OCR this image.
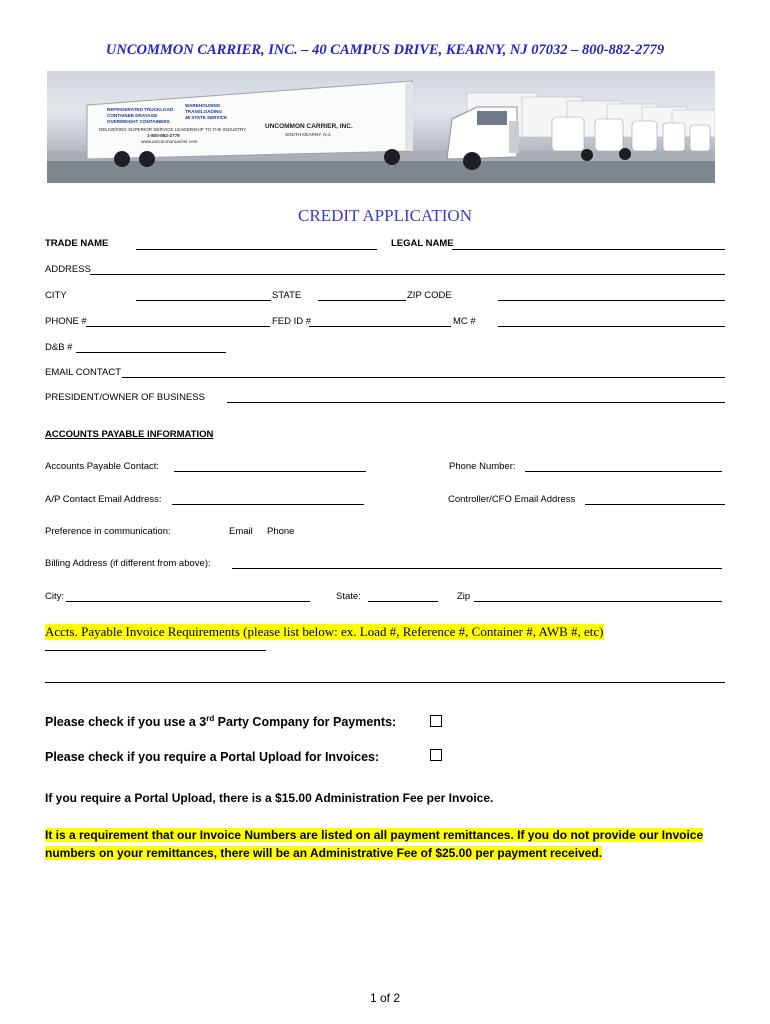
UNCOMMON CARRIER, INC. – 40 CAMPUS DRIVE, KEARNY, NJ 07032 – 800-882-2779
REFRIGERATED TRUCKLOAD
CONTAINER DRAYAGE
OVERWEIGHT CONTAINERS
WAREHOUSING
TRANSLOADING
48 STATE SERVICE
DELIVERING SUPERIOR SERVICE LEADERSHIP TO THE INDUSTRY
1-800-882-2779
www.uncommoncarrier.com
UNCOMMON CARRIER, INC.
SOUTH KEARNY, N.J.
CREDIT APPLICATION
TRADE NAME	LEGAL NAME
ADDRESS
CITY	STATE	ZIP CODE
PHONE #	FED ID #	MC #
D&B #
EMAIL CONTACT
PRESIDENT/OWNER OF BUSINESS
ACCOUNTS PAYABLE INFORMATION
Accounts Payable Contact:	Phone Number:
A/P Contact Email Address:	Controller/CFO Email Address
Preference in communication:	Email Phone
Billing Address (if different from above):
City:	State:	Zip
Accts. Payable Invoice Requirements (please list below: ex. Load #, Reference #, Container #, AWB #, etc)
Please check if you use a 3rd Party Company for Payments:
Please check if you require a Portal Upload for Invoices:
If you require a Portal Upload, there is a $15.00 Administration Fee per Invoice.
It is a requirement that our Invoice Numbers are listed on all payment remittances. If you do not provide our Invoice numbers on your remittances, there will be an Administrative Fee of $25.00 per payment received.
1 of 2
